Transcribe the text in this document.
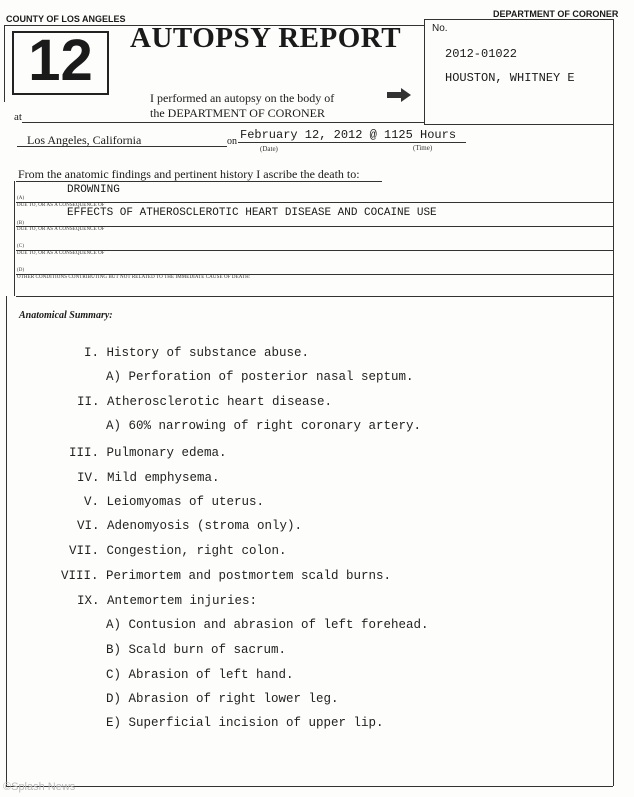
COUNTY OF LOS ANGELES	DEPARTMENT OF CORONER
12	AUTOPSY REPORT	No.
2012-01022
HOUSTON, WHITNEY E
I performed an autopsy on the body of
the DEPARTMENT OF CORONER
at
Los Angeles, California	on February 12, 2012 @ 1125 Hours
(Date)	(Time)
From the anatomic findings and pertinent history I ascribe the death to:
DROWNING
(A)
DUE TO, OR AS A CONSEQUENCE OF
EFFECTS OF ATHEROSCLEROTIC HEART DISEASE AND COCAINE USE
(B)
DUE TO, OR AS A CONSEQUENCE OF
(C)
DUE TO, OR AS A CONSEQUENCE OF
(D)
OTHER CONDITIONS CONTRIBUTING BUT NOT RELATED TO THE IMMEDIATE CAUSE OF DEATH:
Anatomical Summary:
I. History of substance abuse.
A) Perforation of posterior nasal septum.
II. Atherosclerotic heart disease.
A) 60% narrowing of right coronary artery.
III. Pulmonary edema.
IV. Mild emphysema.
V. Leiomyomas of uterus.
VI. Adenomyosis (stroma only).
VII. Congestion, right colon.
VIII. Perimortem and postmortem scald burns.
IX. Antemortem injuries:
A) Contusion and abrasion of left forehead.
B) Scald burn of sacrum.
C) Abrasion of left hand.
D) Abrasion of right lower leg.
E) Superficial incision of upper lip.
©Splash News
